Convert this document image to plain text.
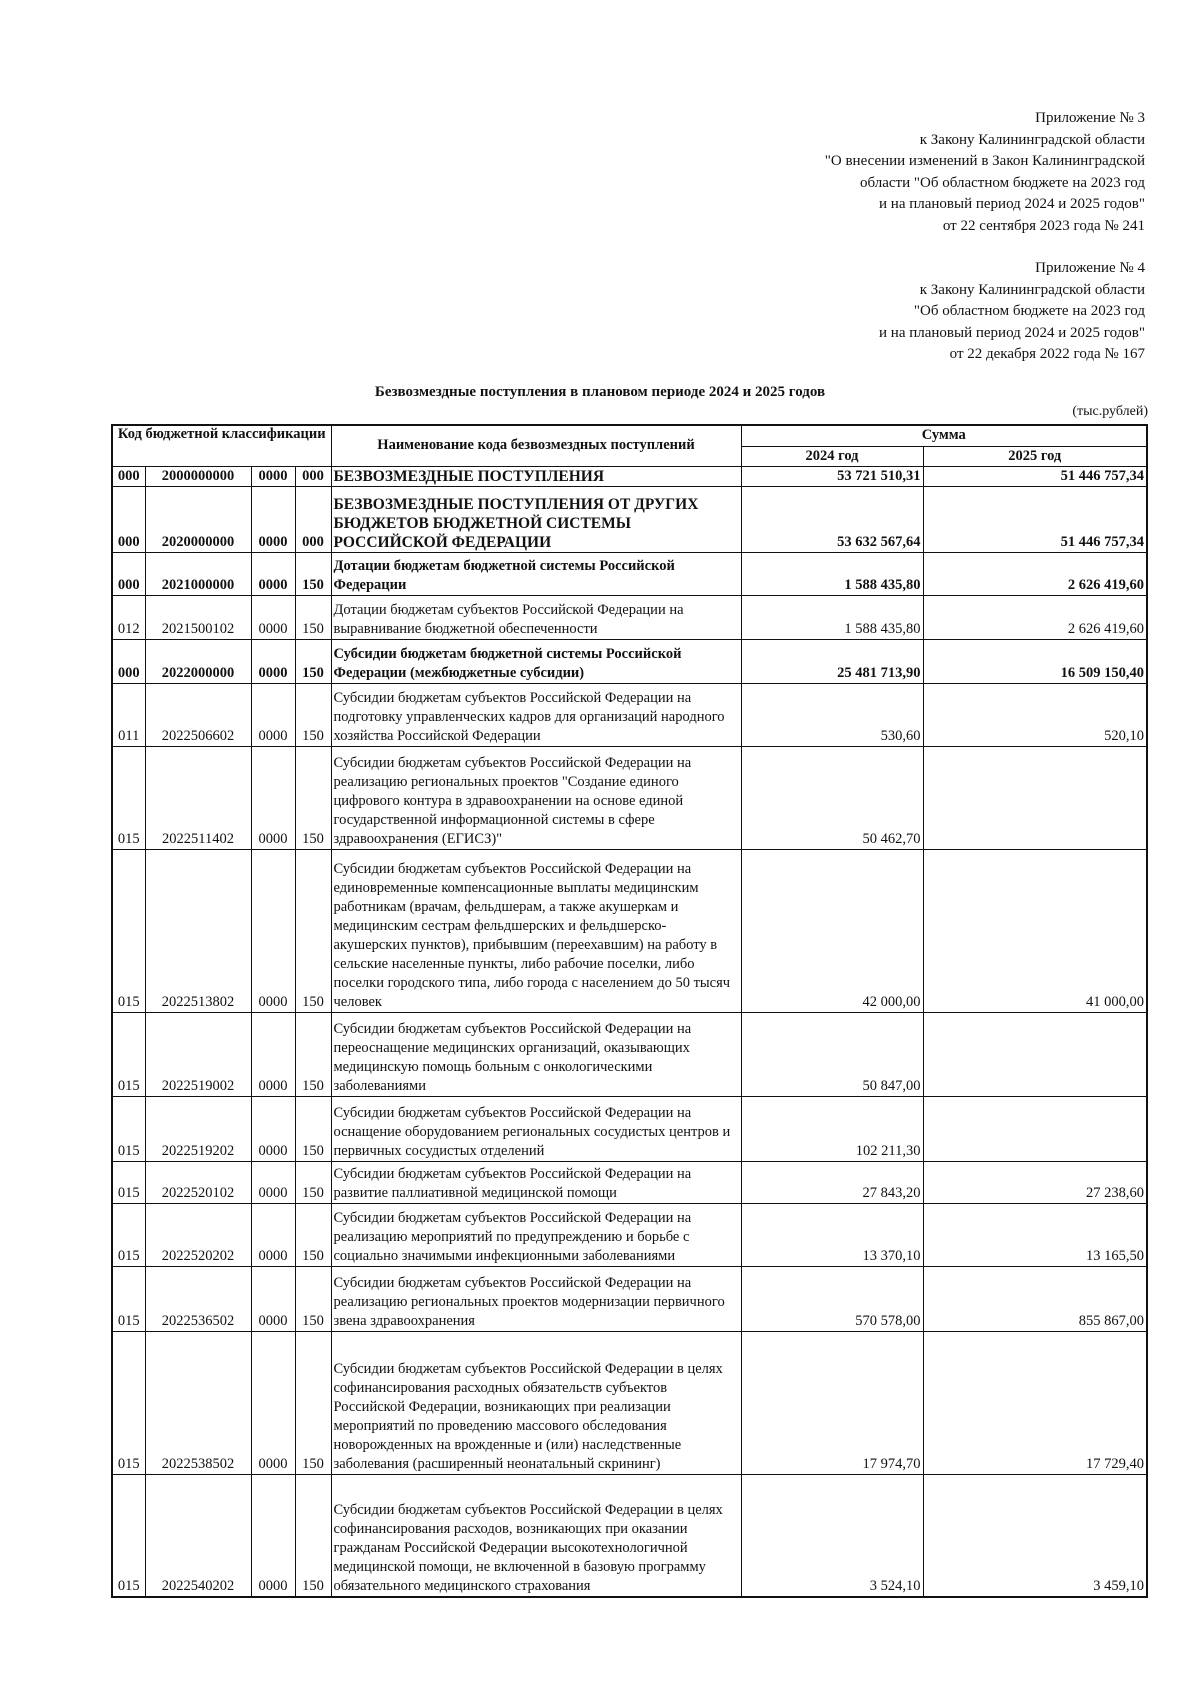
Приложение № 3
к Закону Калининградской области
"О внесении изменений в Закон Калининградской
области "Об областном бюджете на 2023 год
и на плановый период 2024 и 2025 годов"
от 22 сентября 2023 года № 241
Приложение № 4
к Закону Калининградской области
"Об областном бюджете на 2023 год
и на плановый период 2024 и 2025 годов"
от 22 декабря 2022 года № 167
Безвозмездные поступления в плановом периоде 2024 и 2025 годов
(тыс.рублей)
Код бюджетной классификации				Наименование кода безвозмездных поступлений	Сумма	
					2024 год	2025 год
000	2000000000	0000	000	БЕЗВОЗМЕЗДНЫЕ ПОСТУПЛЕНИЯ	53 721 510,31	51 446 757,34
000	2020000000	0000	000	БЕЗВОЗМЕЗДНЫЕ ПОСТУПЛЕНИЯ ОТ ДРУГИХ БЮДЖЕТОВ БЮДЖЕТНОЙ СИСТЕМЫ РОССИЙСКОЙ ФЕДЕРАЦИИ	53 632 567,64	51 446 757,34
000	2021000000	0000	150	Дотации бюджетам бюджетной системы Российской Федерации	1 588 435,80	2 626 419,60
012	2021500102	0000	150	Дотации бюджетам субъектов Российской Федерации на выравнивание бюджетной обеспеченности	1 588 435,80	2 626 419,60
000	2022000000	0000	150	Субсидии бюджетам бюджетной системы Российской Федерации (межбюджетные субсидии)	25 481 713,90	16 509 150,40
011	2022506602	0000	150	Субсидии бюджетам субъектов Российской Федерации на подготовку управленческих кадров для организаций народного хозяйства Российской Федерации	530,60	520,10
015	2022511402	0000	150	Субсидии бюджетам субъектов Российской Федерации на реализацию региональных проектов "Создание единого цифрового контура в здравоохранении на основе единой государственной информационной системы в сфере здравоохранения (ЕГИСЗ)"	50 462,70	
015	2022513802	0000	150	Субсидии бюджетам субъектов Российской Федерации на единовременные компенсационные выплаты медицинским работникам (врачам, фельдшерам, а также акушеркам и медицинским сестрам фельдшерских и фельдшерско-акушерских пунктов), прибывшим (переехавшим) на работу в сельские населенные пункты, либо рабочие поселки, либо поселки городского типа, либо города с населением до 50 тысяч человек	42 000,00	41 000,00
015	2022519002	0000	150	Субсидии бюджетам субъектов Российской Федерации на переоснащение медицинских организаций, оказывающих медицинскую помощь больным с онкологическими заболеваниями	50 847,00	
015	2022519202	0000	150	Субсидии бюджетам субъектов Российской Федерации на оснащение оборудованием региональных сосудистых центров и первичных сосудистых отделений	102 211,30	
015	2022520102	0000	150	Субсидии бюджетам субъектов Российской Федерации на развитие паллиативной медицинской помощи	27 843,20	27 238,60
015	2022520202	0000	150	Субсидии бюджетам субъектов Российской Федерации на реализацию мероприятий по предупреждению и борьбе с социально значимыми инфекционными заболеваниями	13 370,10	13 165,50
015	2022536502	0000	150	Субсидии бюджетам субъектов Российской Федерации на реализацию региональных проектов модернизации первичного звена здравоохранения	570 578,00	855 867,00
015	2022538502	0000	150	Субсидии бюджетам субъектов Российской Федерации в целях софинансирования расходных обязательств субъектов Российской Федерации, возникающих при реализации мероприятий по проведению массового обследования новорожденных на врожденные и (или) наследственные заболевания (расширенный неонатальный скрининг)	17 974,70	17 729,40
015	2022540202	0000	150	Субсидии бюджетам субъектов Российской Федерации в целях софинансирования расходов, возникающих при оказании гражданам Российской Федерации высокотехнологичной медицинской помощи, не включенной в базовую программу обязательного медицинского страхования	3 524,10	3 459,10
